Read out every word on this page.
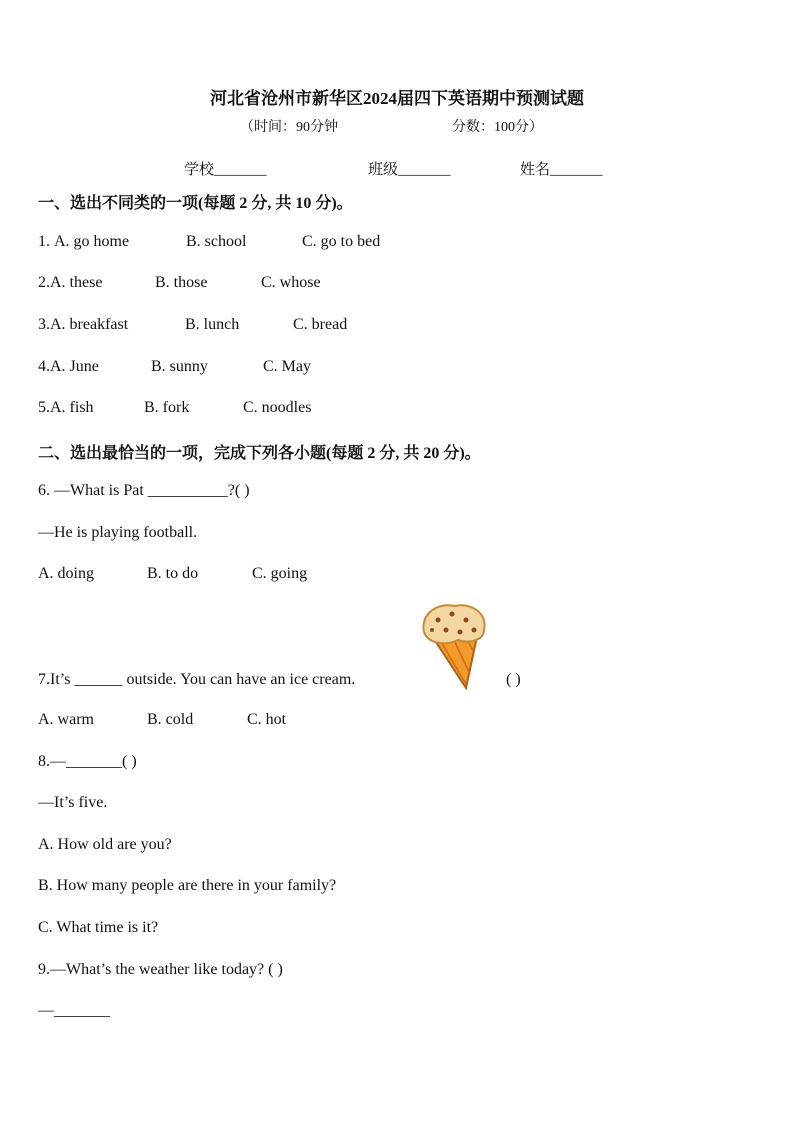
河北省沧州市新华区2024届四下英语期中预测试题
（时间：90分钟	分数：100分）
学校_______	班级_______	姓名_______
一、选出不同类的一项(每题 2 分, 共 10 分)。
1. A. go home	B. school	C. go to bed
2.A. these	B. those	C. whose
3.A. breakfast	B. lunch	C. bread
4.A. June	B. sunny	C. May
5.A. fish	B. fork	C. noodles
二、选出最恰当的一项，完成下列各小题(每题 2 分, 共 20 分)。
6. —What is Pat __________?( )
—He is playing football.
A. doing	B. to do	C. going
7.It’s ______ outside. You can have an ice cream.	( )
A. warm	B. cold	C. hot
8.—_______( )
—It’s five.
A. How old are you?
B. How many people are there in your family?
C. What time is it?
9.—What’s the weather like today? ( )
—_______
